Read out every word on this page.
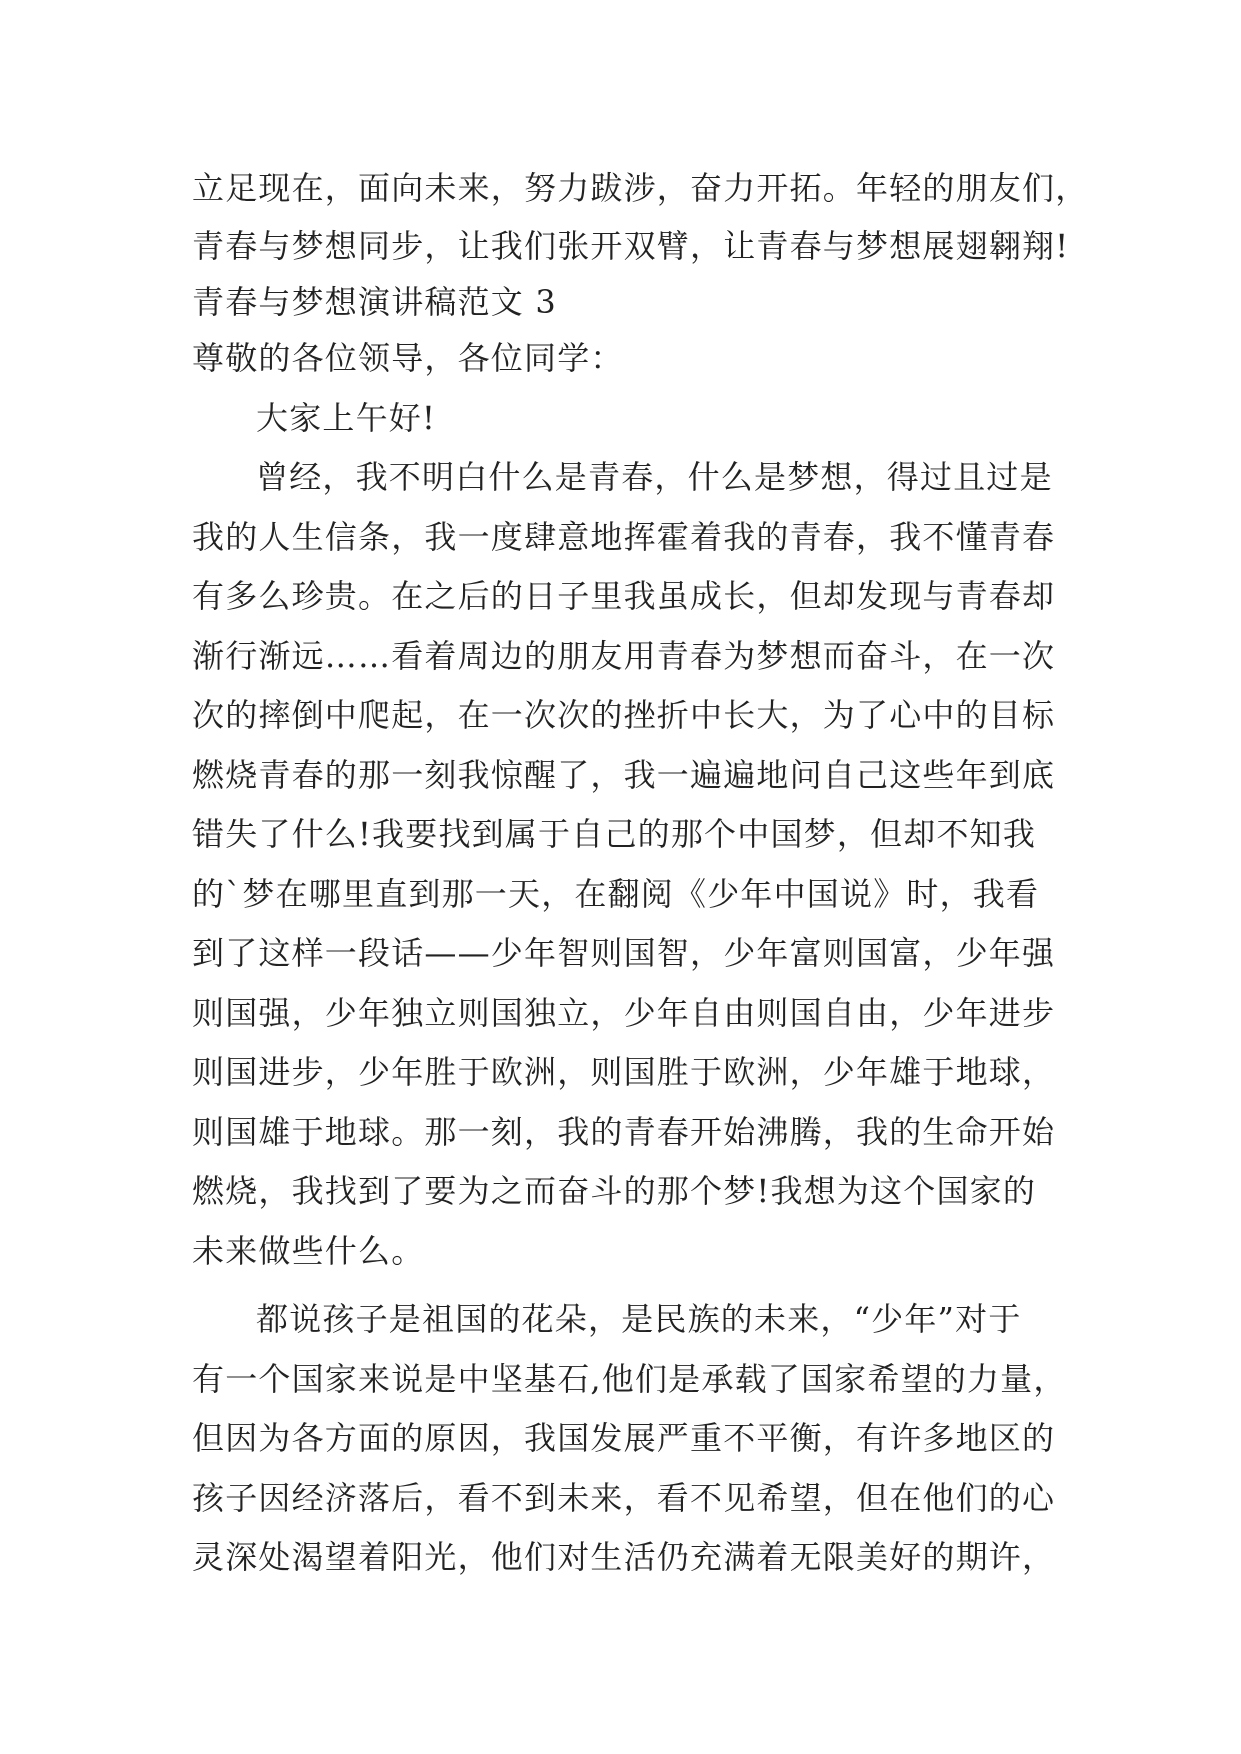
立足现在，面向未来，努力跋涉，奋力开拓。年轻的朋友们，
青春与梦想同步，让我们张开双臂，让青春与梦想展翅翱翔!
青春与梦想演讲稿范文 3
尊敬的各位领导，各位同学：
大家上午好!
曾经，我不明白什么是青春，什么是梦想，得过且过是
我的人生信条，我一度肆意地挥霍着我的青春，我不懂青春
有多么珍贵。在之后的日子里我虽成长，但却发现与青春却
渐行渐远……看着周边的朋友用青春为梦想而奋斗，在一次
次的摔倒中爬起，在一次次的挫折中长大，为了心中的目标
燃烧青春的那一刻我惊醒了，我一遍遍地问自己这些年到底
错失了什么!我要找到属于自己的那个中国梦，但却不知我
的`梦在哪里直到那一天，在翻阅《少年中国说》时，我看
到了这样一段话——少年智则国智，少年富则国富，少年强
则国强，少年独立则国独立，少年自由则国自由，少年进步
则国进步，少年胜于欧洲，则国胜于欧洲，少年雄于地球，
则国雄于地球。那一刻，我的青春开始沸腾，我的生命开始
燃烧，我找到了要为之而奋斗的那个梦!我想为这个国家的
未来做些什么。
都说孩子是祖国的花朵，是民族的未来，“少年”对于
有一个国家来说是中坚基石,他们是承载了国家希望的力量，
但因为各方面的原因，我国发展严重不平衡，有许多地区的
孩子因经济落后，看不到未来，看不见希望，但在他们的心
灵深处渴望着阳光，他们对生活仍充满着无限美好的期许，
